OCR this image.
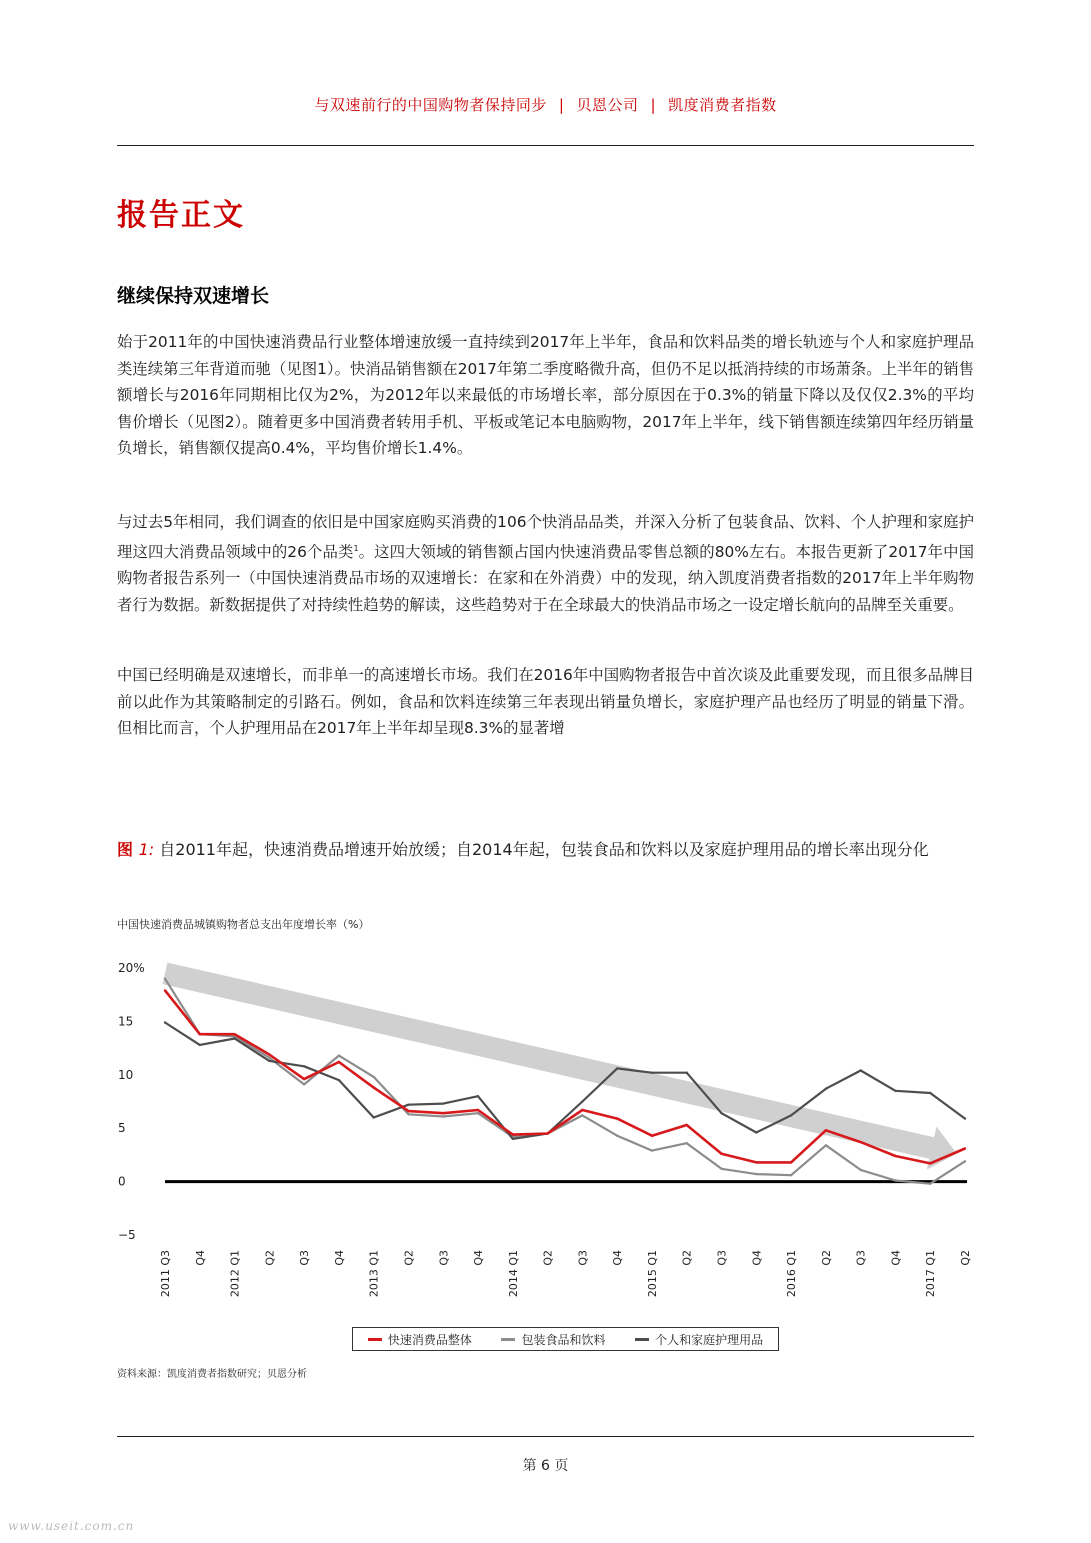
与双速前行的中国购物者保持同步 | 贝恩公司 | 凯度消费者指数
报告正文
继续保持双速增长

始于2011年的中国快速消费品行业整体增速放缓一直持续到2017年上半年，食品和饮料品类的增长轨迹与个人和家庭护理品类连续第三年背道而驰（见图1）。快消品销售额在2017年第二季度略微升高，但仍不足以抵消持续的市场萧条。上半年的销售额增长与2016年同期相比仅为2%，为2012年以来最低的市场增长率，部分原因在于0.3%的销量下降以及仅仅2.3%的平均售价增长（见图2）。随着更多中国消费者转用手机、平板或笔记本电脑购物，2017年上半年，线下销售额连续第四年经历销量负增长，销售额仅提高0.4%，平均售价增长1.4%。

与过去5年相同，我们调查的依旧是中国家庭购买消费的106个快消品品类，并深入分析了包装食品、饮料、个人护理和家庭护理这四大消费品领域中的26个品类$^1$。这四大领域的销售额占国内快速消费品零售总额的80%左右。本报告更新了2017年中国购物者报告系列一（中国快速消费品市场的双速增长：在家和在外消费）中的发现，纳入凯度消费者指数的2017年上半年购物者行为数据。新数据提供了对持续性趋势的解读，这些趋势对于在全球最大的快消品市场之一设定增长航向的品牌至关重要。

中国已经明确是双速增长，而非单一的高速增长市场。我们在2016年中国购物者报告中首次谈及此重要发现，而且很多品牌目前以此作为其策略制定的引路石。例如，食品和饮料连续第三年表现出销量负增长，家庭护理产品也经历了明显的销量下滑。但相比而言，个人护理用品在2017年上半年却呈现8.3%的显著增

图 1: 自2011年起，快速消费品增速开始放缓；自2014年起，包装食品和饮料以及家庭护理用品的增长率出现分化

中国快速消费品城镇购物者总支出年度增长率（%）
20%
15
10
5
0
−5
2011 Q3 Q4 2012 Q1 Q2 Q3 Q4 2013 Q1 Q2 Q3 Q4 2014 Q1 Q2 Q3 Q4 2015 Q1 Q2 Q3 Q4 2016 Q1 Q2 Q3 Q4 2017 Q1 Q2
快速消费品整体	包装食品和饮料	个人和家庭护理用品
资料来源：凯度消费者指数研究；贝恩分析
第 6 页
www.useit.com.cn
